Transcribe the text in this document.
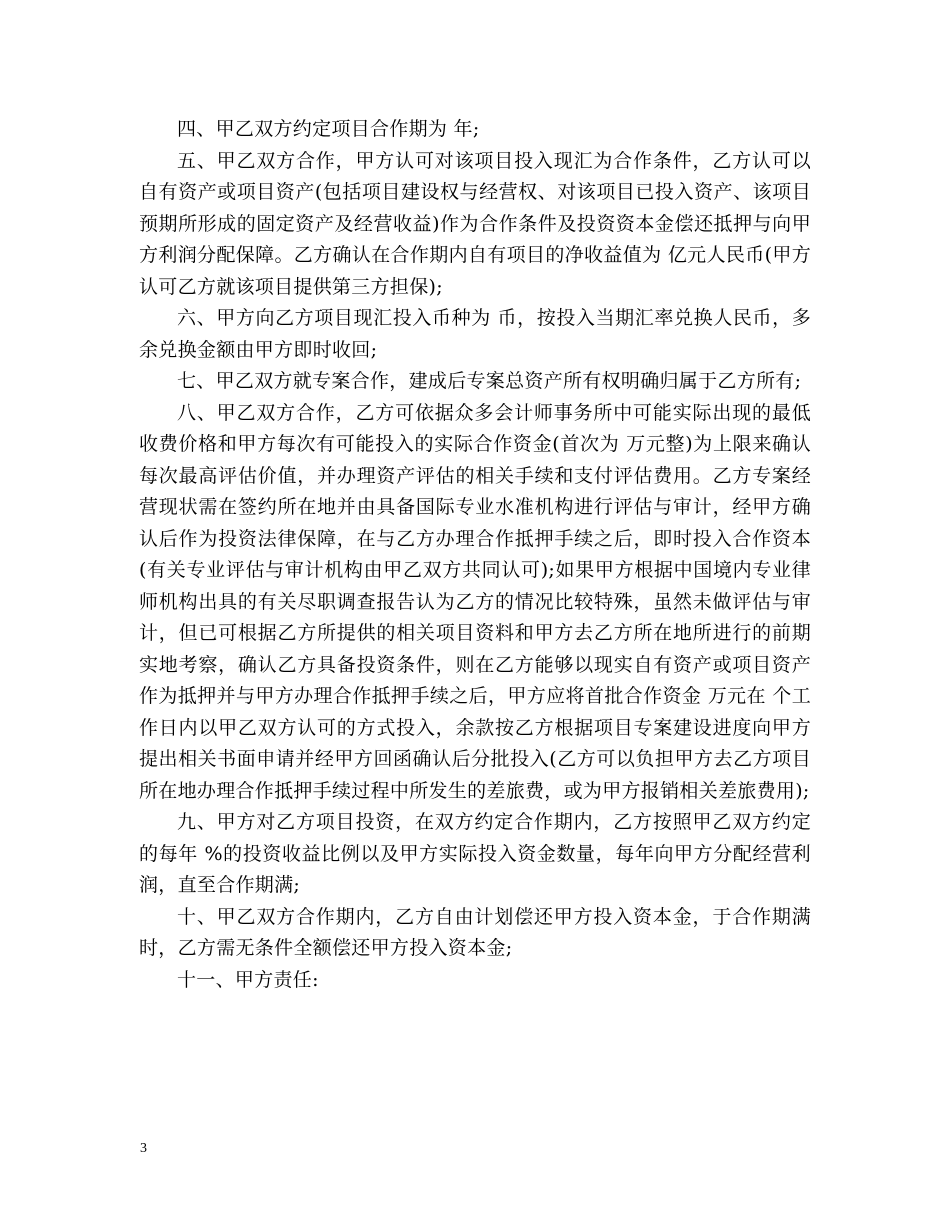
四、甲乙双方约定项目合作期为 年;

五、甲乙双方合作，甲方认可对该项目投入现汇为合作条件，乙方认可以自有资产或项目资产(包括项目建设权与经营权、对该项目已投入资产、该项目预期所形成的固定资产及经营收益)作为合作条件及投资资本金偿还抵押与向甲方利润分配保障。乙方确认在合作期内自有项目的净收益值为 亿元人民币(甲方认可乙方就该项目提供第三方担保);

六、甲方向乙方项目现汇投入币种为 币，按投入当期汇率兑换人民币，多余兑换金额由甲方即时收回;

七、甲乙双方就专案合作，建成后专案总资产所有权明确归属于乙方所有;

八、甲乙双方合作，乙方可依据众多会计师事务所中可能实际出现的最低收费价格和甲方每次有可能投入的实际合作资金(首次为 万元整)为上限来确认每次最高评估价值，并办理资产评估的相关手续和支付评估费用。乙方专案经营现状需在签约所在地并由具备国际专业水准机构进行评估与审计，经甲方确认后作为投资法律保障，在与乙方办理合作抵押手续之后，即时投入合作资本(有关专业评估与审计机构由甲乙双方共同认可);如果甲方根据中国境内专业律师机构出具的有关尽职调查报告认为乙方的情况比较特殊，虽然未做评估与审计，但已可根据乙方所提供的相关项目资料和甲方去乙方所在地所进行的前期实地考察，确认乙方具备投资条件，则在乙方能够以现实自有资产或项目资产作为抵押并与甲方办理合作抵押手续之后，甲方应将首批合作资金 万元在 个工作日内以甲乙双方认可的方式投入，余款按乙方根据项目专案建设进度向甲方提出相关书面申请并经甲方回函确认后分批投入(乙方可以负担甲方去乙方项目所在地办理合作抵押手续过程中所发生的差旅费，或为甲方报销相关差旅费用);

九、甲方对乙方项目投资，在双方约定合作期内，乙方按照甲乙双方约定的每年 %的投资收益比例以及甲方实际投入资金数量，每年向甲方分配经营利润，直至合作期满;

十、甲乙双方合作期内，乙方自由计划偿还甲方投入资本金，于合作期满时，乙方需无条件全额偿还甲方投入资本金;

十一、甲方责任:

3
